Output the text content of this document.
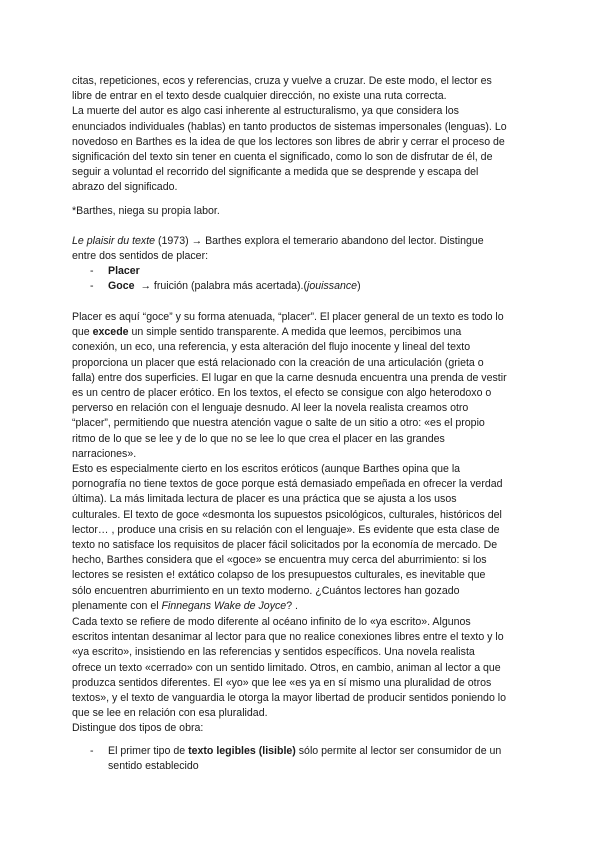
citas, repeticiones, ecos y referencias, cruza y vuelve a cruzar. De este modo, el lector es

libre de entrar en el texto desde cualquier dirección, no existe una ruta correcta.

La muerte del autor es algo casi inherente al estructuralismo, ya que considera los

enunciados individuales (hablas) en tanto productos de sistemas impersonales (lenguas). Lo

novedoso en Barthes es la idea de que los lectores son libres de abrir y cerrar el proceso de

significación del texto sin tener en cuenta el significado, como lo son de disfrutar de él, de

seguir a voluntad el recorrido del significante a medida que se desprende y escapa del

abrazo del significado.

*Barthes, niega su propia labor.

Le plaisir du texte (1973) → Barthes explora el temerario abandono del lector. Distingue

entre dos sentidos de placer:

- Placer
- Goce  → fruición (palabra más acertada).(jouissance)

Placer es aquí “goce” y su forma atenuada, “placer”. El placer general de un texto es todo lo

que excede un simple sentido transparente. A medida que leemos, percibimos una

conexión, un eco, una referencia, y esta alteración del flujo inocente y lineal del texto

proporciona un placer que está relacionado con la creación de una articulación (grieta o

falla) entre dos superficies. El lugar en que la carne desnuda encuentra una prenda de vestir

es un centro de placer erótico. En los textos, el efecto se consigue con algo heterodoxo o

perverso en relación con el lenguaje desnudo. Al leer la novela realista creamos otro

“placer”, permitiendo que nuestra atención vague o salte de un sitio a otro: «es el propio

ritmo de lo que se lee y de lo que no se lee lo que crea el placer en las grandes

narraciones».

Esto es especialmente cierto en los escritos eróticos (aunque Barthes opina que la

pornografía no tiene textos de goce porque está demasiado empeñada en ofrecer la verdad

última). La más limitada lectura de placer es una práctica que se ajusta a los usos

culturales. El texto de goce «desmonta los supuestos psicológicos, culturales, históricos del

lector… , produce una crisis en su relación con el lenguaje». Es evidente que esta clase de

texto no satisface los requisitos de placer fácil solicitados por la economía de mercado. De

hecho, Barthes considera que el «goce» se encuentra muy cerca del aburrimiento: si los

lectores se resisten e! extático colapso de los presupuestos culturales, es inevitable que

sólo encuentren aburrimiento en un texto moderno. ¿Cuántos lectores han gozado

plenamente con el Finnegans Wake de Joyce? .

Cada texto se refiere de modo diferente al océano infinito de lo «ya escrito». Algunos

escritos intentan desanimar al lector para que no realice conexiones libres entre el texto y lo

«ya escrito», insistiendo en las referencias y sentidos específicos. Una novela realista

ofrece un texto «cerrado» con un sentido limitado. Otros, en cambio, animan al lector a que

produzca sentidos diferentes. El «yo» que lee «es ya en sí mismo una pluralidad de otros

textos», y el texto de vanguardia le otorga la mayor libertad de producir sentidos poniendo lo

que se lee en relación con esa pluralidad.

Distingue dos tipos de obra:

- El primer tipo de texto legibles (lisible) sólo permite al lector ser consumidor de un
sentido establecido
